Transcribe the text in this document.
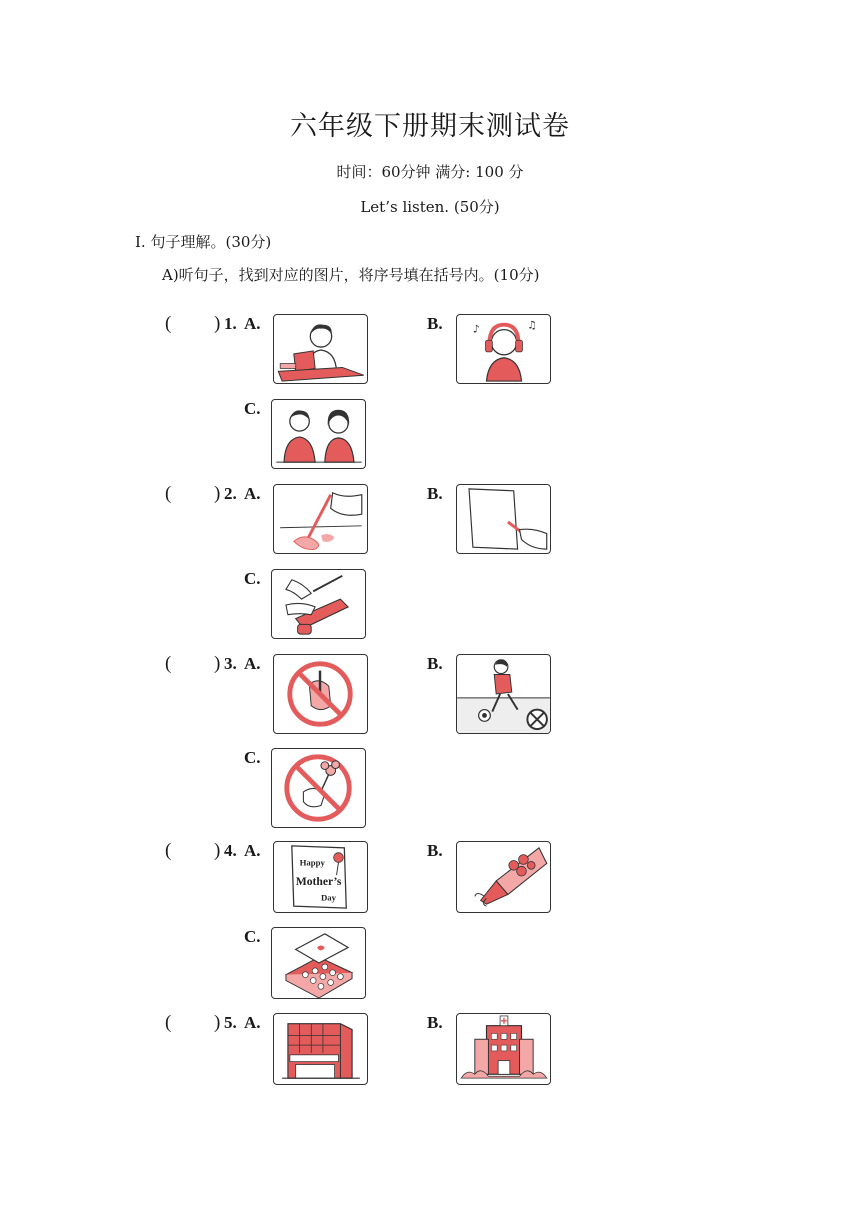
六年级下册期末测试卷
时间：60分钟 满分: 100 分
Let’s listen. (50分)
Ⅰ. 句子理解。(30分)
A)听句子，找到对应的图片，将序号填在括号内。(10分)
( ) 1. A.	B.
C.
♪	♫
( ) 2. A.	B.
C.
( ) 3. A.	B.
C.
( ) 4. A.	B.
C.
Happy
Mother’s
Day
( ) 5. A.	B.
